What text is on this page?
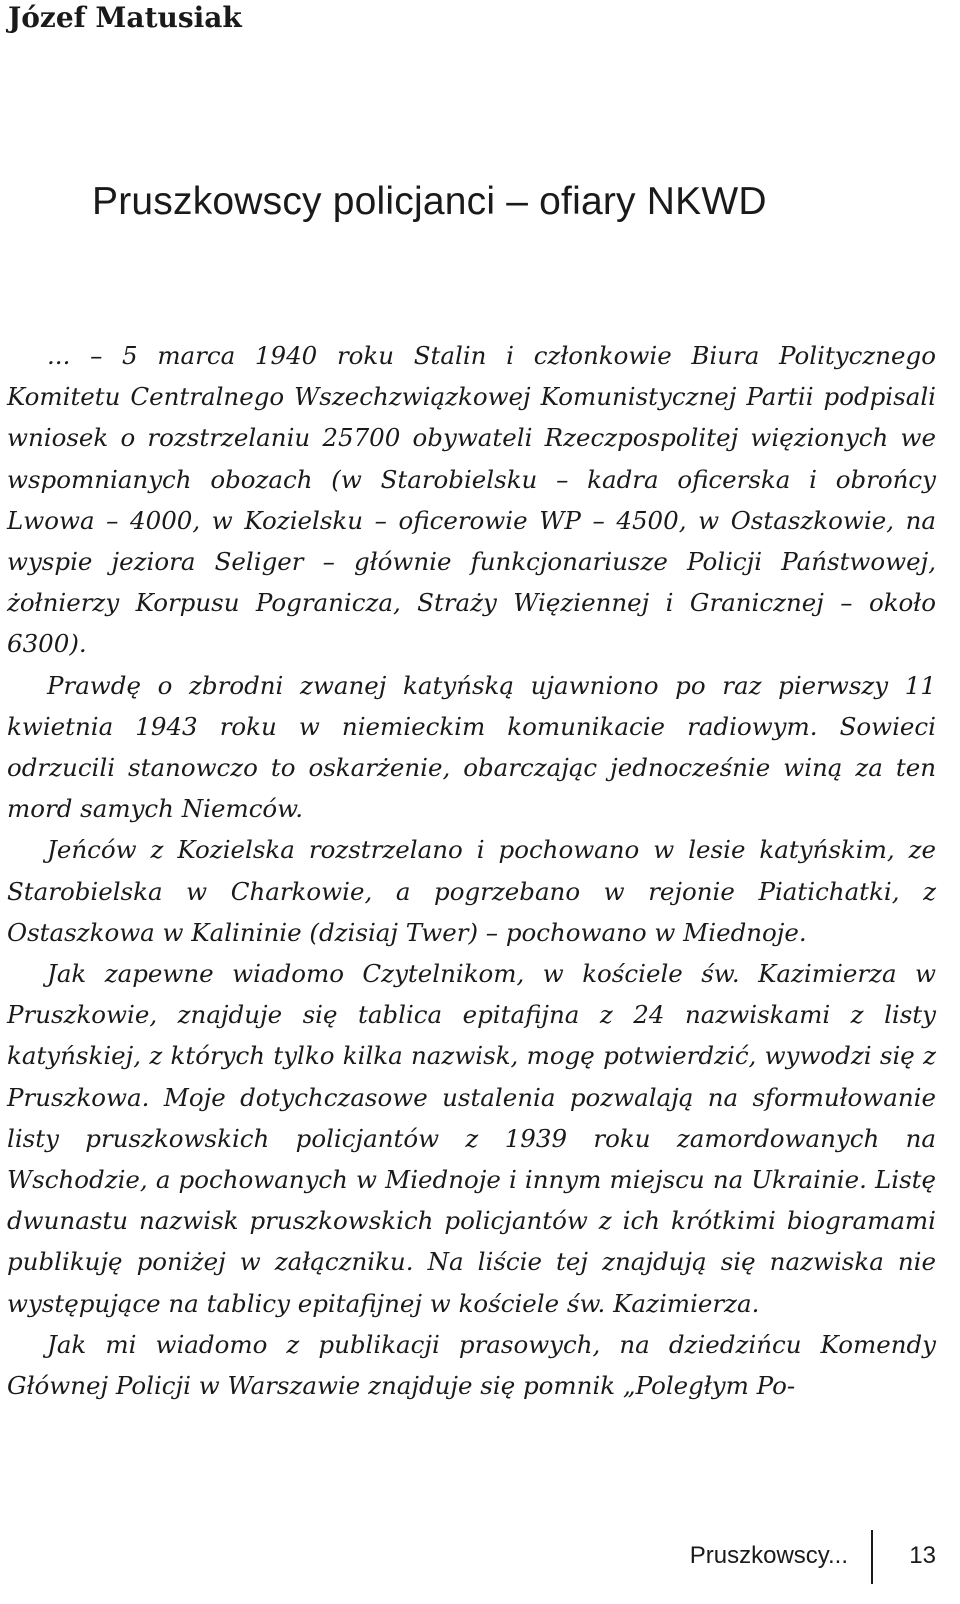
Józef Matusiak
Pruszkowscy policjanci – ofiary NKWD

... – 5 marca 1940 roku Stalin i członkowie Biura Politycznego Komitetu Centralnego Wszechzwiązkowej Komunistycznej Partii podpisali wniosek o rozstrzelaniu 25700 obywateli Rzeczpospolitej więzionych we wspomnianych obozach (w Starobielsku – kadra oficerska i obrońcy Lwowa – 4000, w Kozielsku – oficerowie WP – 4500, w Ostaszkowie, na wyspie jeziora Seliger – głównie funkcjonariusze Policji Państwowej, żołnierzy Korpusu Pogranicza, Straży Więziennej i Granicznej – około 6300).

Prawdę o zbrodni zwanej katyńską ujawniono po raz pierwszy 11 kwietnia 1943 roku w niemieckim komunikacie radiowym. Sowieci odrzucili stanowczo to oskarżenie, obarczając jednocześnie winą za ten mord samych Niemców.

Jeńców z Kozielska rozstrzelano i pochowano w lesie katyńskim, ze Starobielska w Charkowie, a pogrzebano w rejonie Piatichatki, z Ostaszkowa w Kalininie (dzisiaj Twer) – pochowano w Miednoje.

Jak zapewne wiadomo Czytelnikom, w kościele św. Kazimierza w Pruszkowie, znajduje się tablica epitafijna z 24 nazwiskami z listy katyńskiej, z których tylko kilka nazwisk, mogę potwierdzić, wywodzi się z Pruszkowa. Moje dotychczasowe ustalenia pozwalają na sformułowanie listy pruszkowskich policjantów z 1939 roku zamordowanych na Wschodzie, a pochowanych w Miednoje i innym miejscu na Ukrainie. Listę dwunastu nazwisk pruszkowskich policjantów z ich krótkimi biogramami publikuję poniżej w załączniku. Na liście tej znajdują się nazwiska nie występujące na tablicy epitafijnej w kościele św. Kazimierza.

Jak mi wiadomo z publikacji prasowych, na dziedzińcu Komendy Głównej Policji w Warszawie znajduje się pomnik „Poległym Po-

Pruszkowscy...	13
